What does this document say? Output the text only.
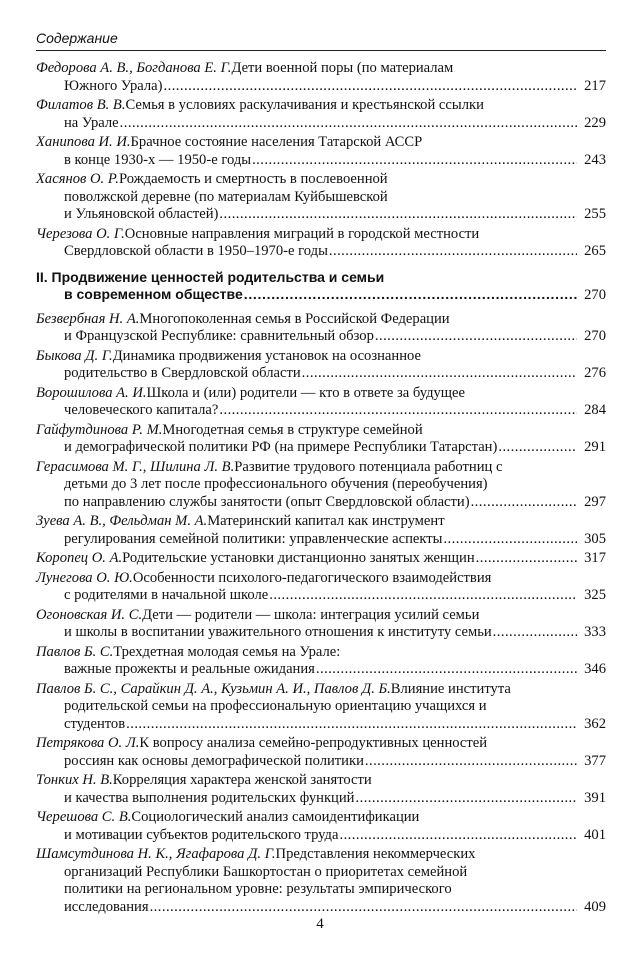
Содержание
Федорова А. В., Богданова Е. Г. Дети военной поры (по материалам
Южного Урала) . . .	217
Филатов В. В. Семья в условиях раскулачивания и крестьянской ссылки
на Урале . . .	229
Ханипова И. И. Брачное состояние населения Татарской АССР
в конце 1930-х — 1950-е годы . . .	243
Хасянов О. Р. Рождаемость и смертность в послевоенной
поволжской деревне (по материалам Куйбышевской
и Ульяновской областей) . . .	255
Черезова О. Г. Основные направления миграций в городской местности
Свердловской области в 1950–1970-е годы . . .	265
II. Продвижение ценностей родительства и семьи
в современном обществе . . .	270
Безвербная Н. А. Многопоколенная семья в Российской Федерации
и Французской Республике: сравнительный обзор . . .	270
Быкова Д. Г. Динамика продвижения установок на осознанное
родительство в Свердловской области . . .	276
Ворошилова А. И. Школа и (или) родители — кто в ответе за будущее
человеческого капитала? . . .	284
Гайфутдинова Р. М. Многодетная семья в структуре семейной
и демографической политики РФ (на примере Республики Татарстан) . . .	291
Герасимова М. Г., Шилина Л. В. Развитие трудового потенциала работниц с
детьми до 3 лет после профессионального обучения (переобучения)
по направлению службы занятости (опыт Свердловской области) . . .	297
Зуева А. В., Фельдман М. А. Материнский капитал как инструмент
регулирования семейной политики: управленческие аспекты . . .	305
Коропец О. А. Родительские установки дистанционно занятых женщин . . .	317
Лунегова О. Ю. Особенности психолого-педагогического взаимодействия
с родителями в начальной школе . . .	325
Огоновская И. С. Дети — родители — школа: интеграция усилий семьи
и школы в воспитании уважительного отношения к институту семьи . . .	333
Павлов Б. С. Трехдетная молодая семья на Урале:
важные прожекты и реальные ожидания . . .	346
Павлов Б. С., Сарайкин Д. А., Кузьмин А. И., Павлов Д. Б. Влияние института
родительской семьи на профессиональную ориентацию учащихся и
студентов . . .	362
Петрякова О. Л. К вопросу анализа семейно-репродуктивных ценностей
россиян как основы демографической политики . . .	377
Тонких Н. В. Корреляция характера женской занятости
и качества выполнения родительских функций . . .	391
Черешова С. В. Социологический анализ самоидентификации
и мотивации субъектов родительского труда . . .	401
Шамсутдинова Н. К., Ягафарова Д. Г. Представления некоммерческих
организаций Республики Башкортостан о приоритетах семейной
политики на региональном уровне: результаты эмпирического
исследования . . .	409
4
